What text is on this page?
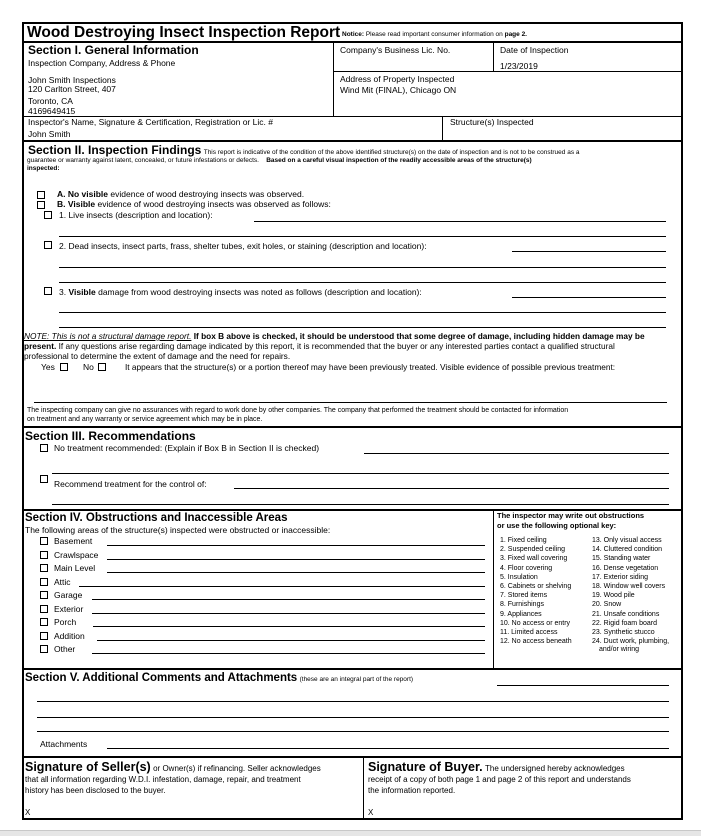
Wood Destroying Insect Inspection Report Notice: Please read important consumer information on page 2.
Section I. General Information
Inspection Company, Address & Phone
John Smith Inspections
120 Carlton Street, 407
Toronto, CA
4169649415
Company's Business Lic. No.	Date of Inspection
1/23/2019
Address of Property Inspected
Wind Mit (FINAL), Chicago ON
Inspector's Name, Signature & Certification, Registration or Lic. #
John Smith
Structure(s) Inspected
Section II. Inspection Findings This report is indicative of the condition of the above identified structure(s) on the date of inspection and is not to be construed as a
guarantee or warranty against latent, concealed, or future infestations or defects. Based on a careful visual inspection of the readily accessible areas of the structure(s)
inspected:
A. No visible evidence of wood destroying insects was observed.
B. Visible evidence of wood destroying insects was observed as follows:
1. Live insects (description and location):
2. Dead insects, insect parts, frass, shelter tubes, exit holes, or staining (description and location):
3. Visible damage from wood destroying insects was noted as follows (description and location):
NOTE: This is not a structural damage report. If box B above is checked, it should be understood that some degree of damage, including hidden damage may be
present. If any questions arise regarding damage indicated by this report, it is recommended that the buyer or any interested parties contact a qualified structural
professional to determine the extent of damage and the need for repairs.
Yes	No	It appears that the structure(s) or a portion thereof may have been previously treated. Visible evidence of possible previous treatment:
The inspecting company can give no assurances with regard to work done by other companies. The company that performed the treatment should be contacted for information
on treatment and any warranty or service agreement which may be in place.
Section III. Recommendations
No treatment recommended: (Explain if Box B in Section II is checked)
Recommend treatment for the control of:
Section IV. Obstructions and Inaccessible Areas
The following areas of the structure(s) inspected were obstructed or inaccessible:
Basement
Crawlspace
Main Level
Attic
Garage
Exterior
Porch
Addition
Other
The inspector may write out obstructions
or use the following optional key:
1. Fixed ceiling
2. Suspended ceiling
3. Fixed wall covering
4. Floor covering
5. Insulation
6. Cabinets or shelving
7. Stored items
8. Furnishings
9. Appliances
10. No access or entry
11. Limited access
12. No access beneath
13. Only visual access
14. Cluttered condition
15. Standing water
16. Dense vegetation
17. Exterior siding
18. Window well covers
19. Wood pile
20. Snow
21. Unsafe conditions
22. Rigid foam board
23. Synthetic stucco
24. Duct work, plumbing,
and/or wiring
Section V. Additional Comments and Attachments (these are an integral part of the report)
Attachments
Signature of Seller(s) or Owner(s) if refinancing. Seller acknowledges
that all information regarding W.D.I. infestation, damage, repair, and treatment
history has been disclosed to the buyer.
X
Signature of Buyer. The undersigned hereby acknowledges
receipt of a copy of both page 1 and page 2 of this report and understands
the information reported.
X
